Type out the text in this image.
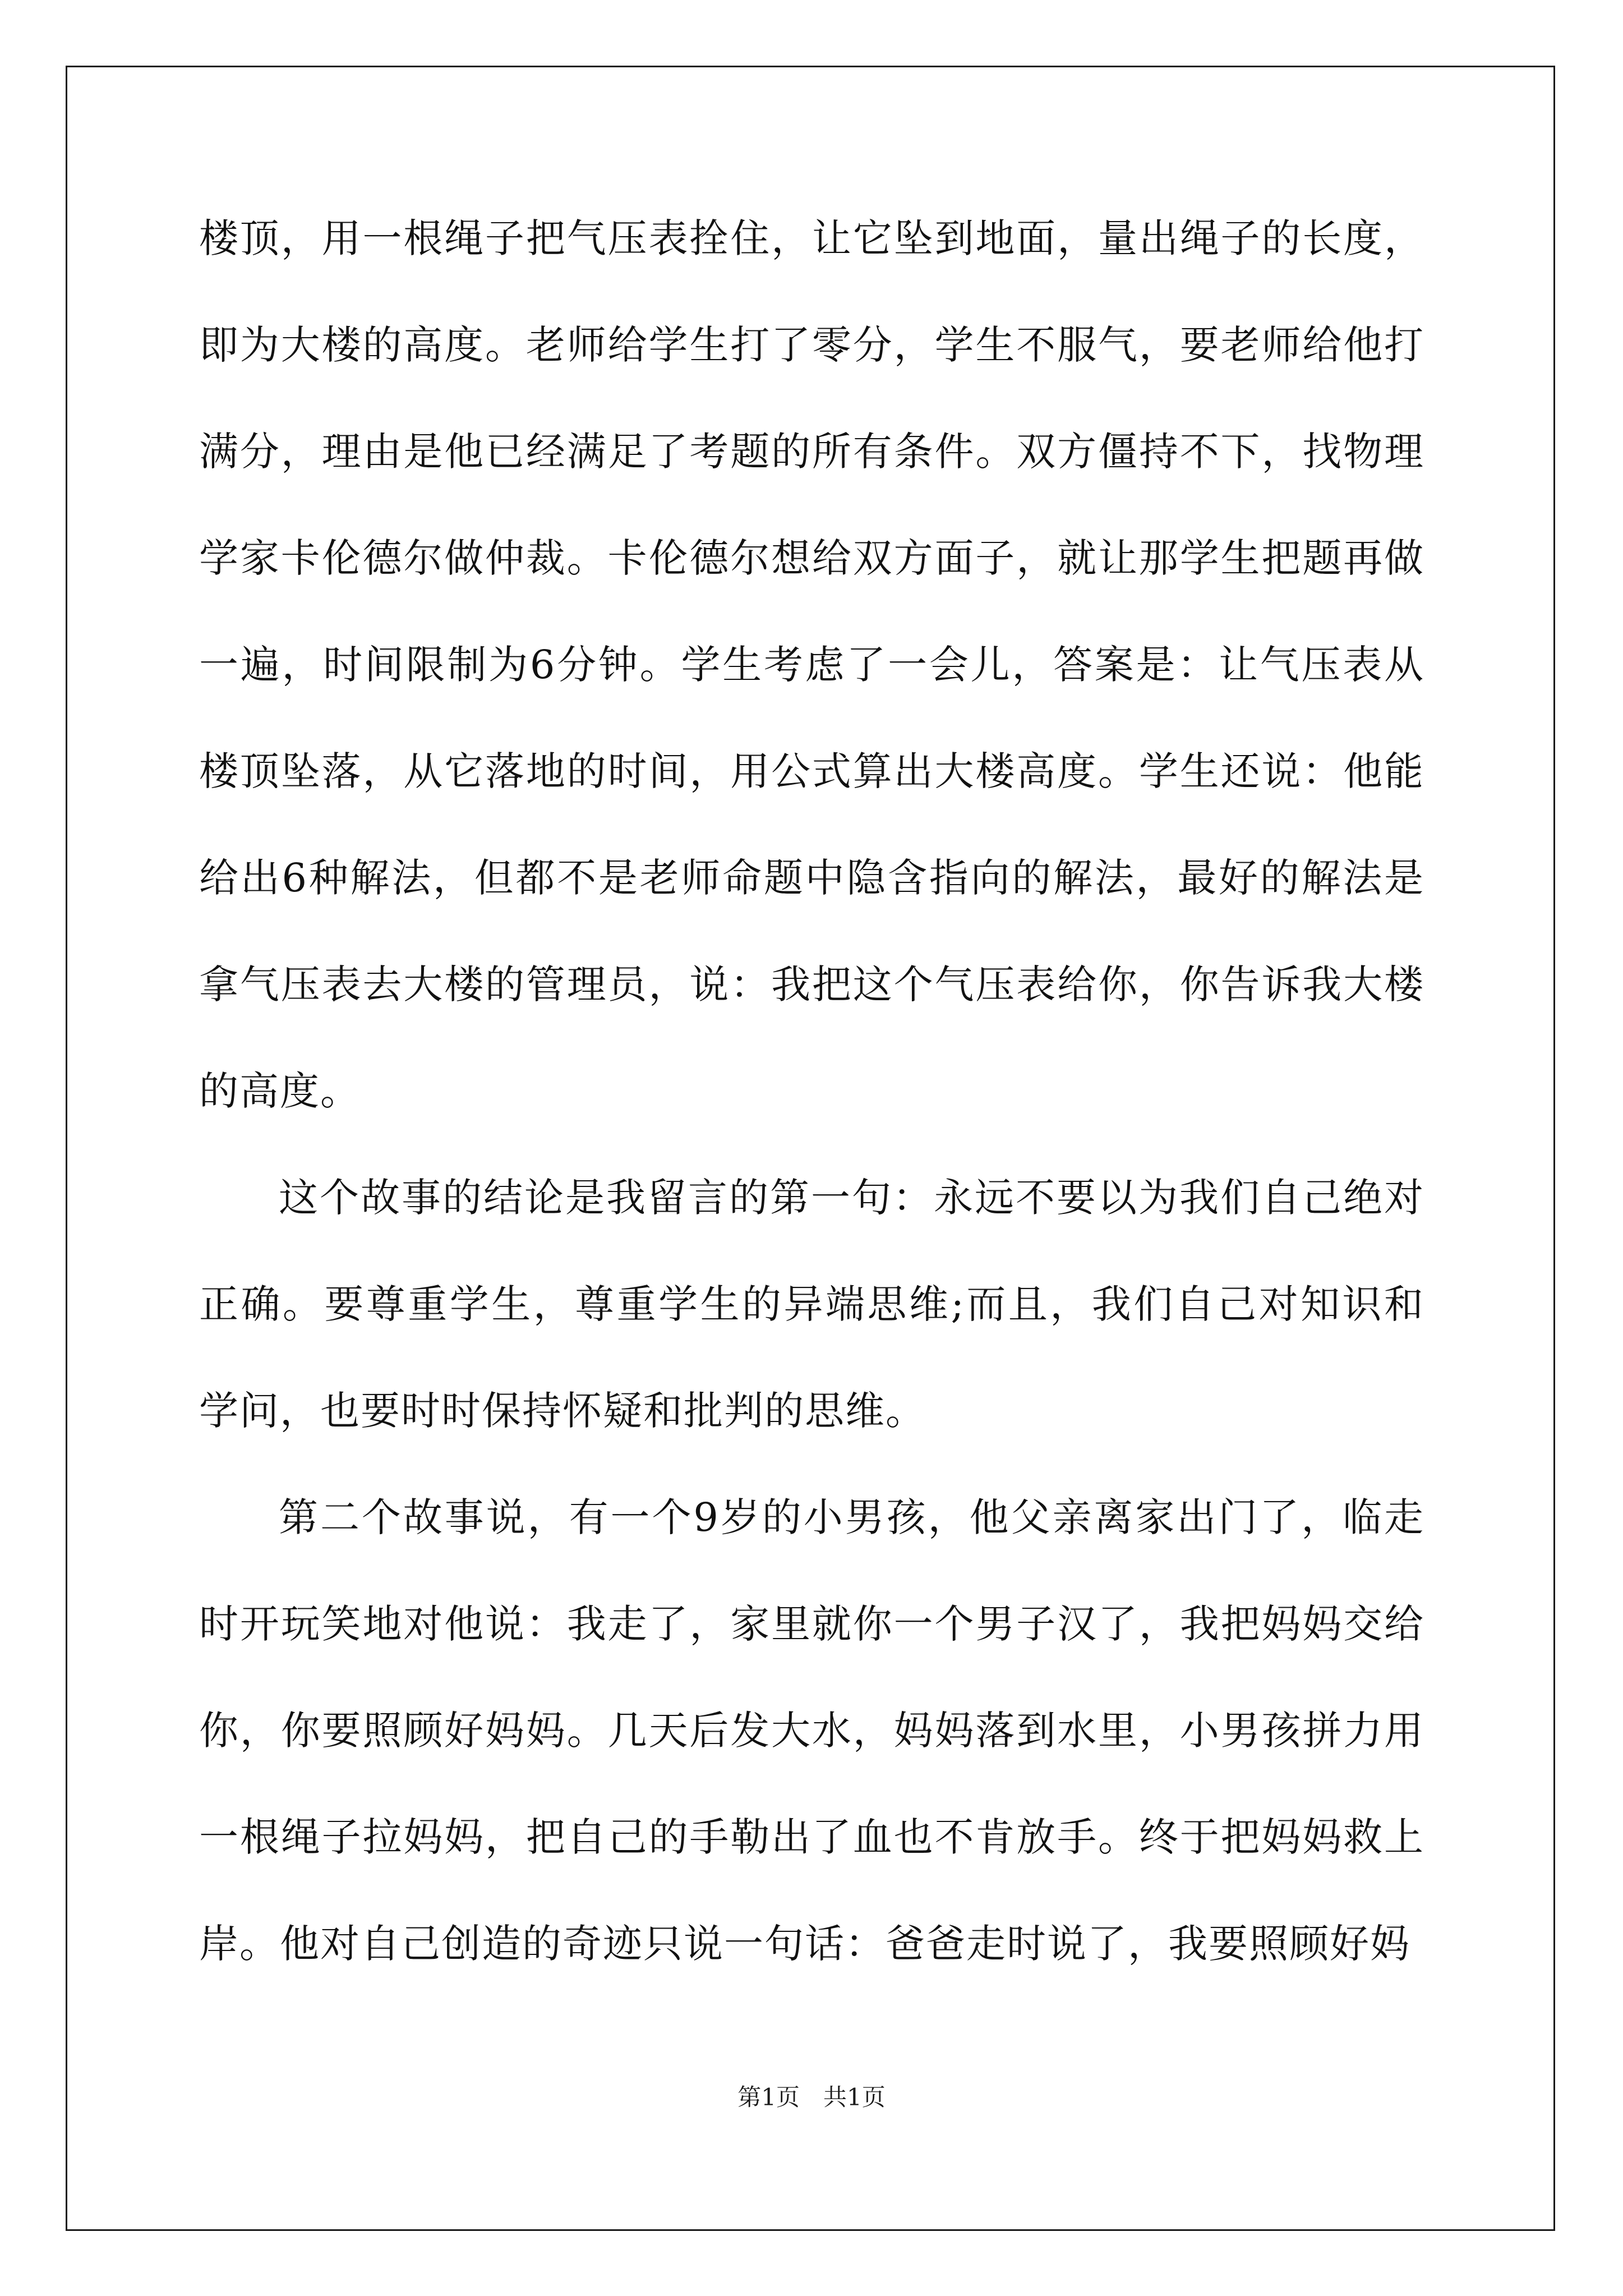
楼顶，用一根绳子把气压表拴住，让它坠到地面，量出绳子的长度，即为大楼的高度。老师给学生打了零分，学生不服气，要老师给他打满分，理由是他已经满足了考题的所有条件。双方僵持不下，找物理学家卡伦德尔做仲裁。卡伦德尔想给双方面子，就让那学生把题再做一遍，时间限制为6分钟。学生考虑了一会儿，答案是：让气压表从楼顶坠落，从它落地的时间，用公式算出大楼高度。学生还说：他能给出6种解法，但都不是老师命题中隐含指向的解法，最好的解法是拿气压表去大楼的管理员，说：我把这个气压表给你，你告诉我大楼的高度。

这个故事的结论是我留言的第一句：永远不要以为我们自己绝对正确。要尊重学生，尊重学生的异端思维;而且，我们自己对知识和学问，也要时时保持怀疑和批判的思维。

第二个故事说，有一个9岁的小男孩，他父亲离家出门了，临走时开玩笑地对他说：我走了，家里就你一个男子汉了，我把妈妈交给你，你要照顾好妈妈。几天后发大水，妈妈落到水里，小男孩拼力用一根绳子拉妈妈，把自己的手勒出了血也不肯放手。终于把妈妈救上岸。他对自己创造的奇迹只说一句话：爸爸走时说了，我要照顾好妈

第1页　共1页
